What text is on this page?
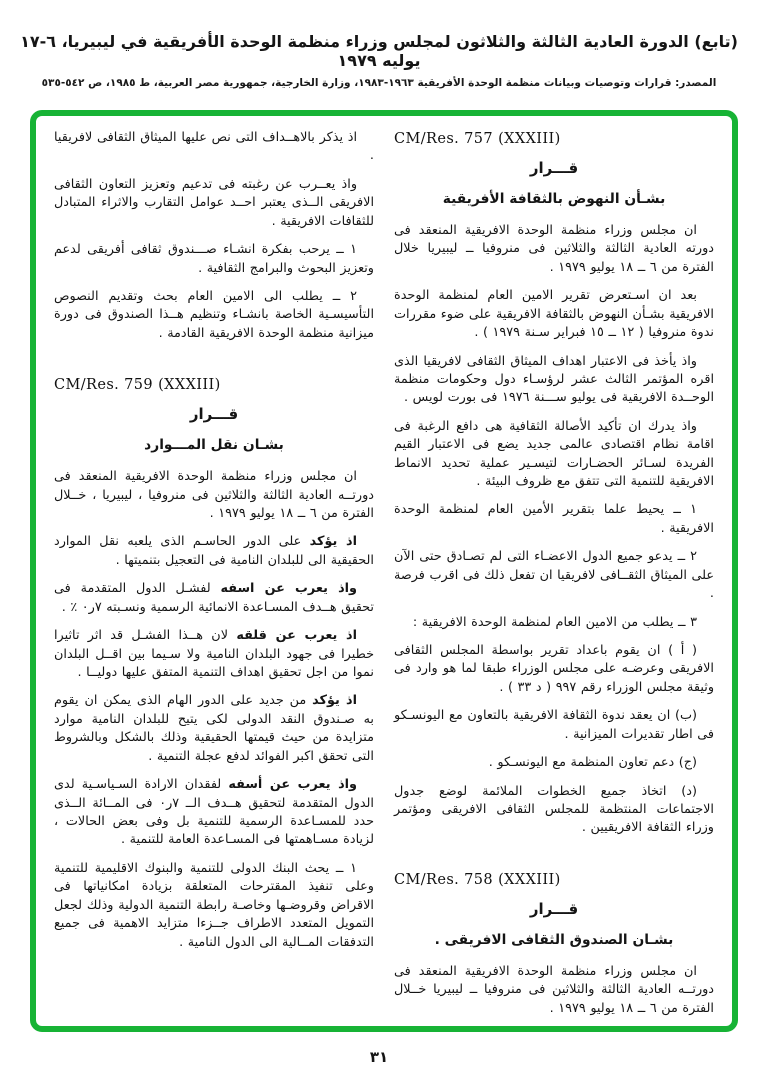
(تابع) الدورة العادية الثالثة والثلاثون لمجلس وزراء منظمة الوحدة الأفريقية في ليبيريا، ٦-١٧ يوليه ١٩٧٩
المصدر: قرارات وتوصيات وبيانات منظمة الوحدة الأفريقية ١٩٦٣-١٩٨٣، وزارة الخارجية، جمهورية مصر العربية، ط ١٩٨٥، ص ٥٤٢-٥٣٥
CM/Res. 757 (XXXIII)
قـــرار
بشـأن النهوض بالثقافة الأفريقية
ان مجلس وزراء منظمة الوحدة الافريقية المنعقد فى دورته العادية الثالثة والثلاثين فى منروفيا ــ ليبيريا خلال الفترة من ٦ ــ ١٨ يوليو ١٩٧٩ .
بعد ان اسـتعرض تقرير الامين العام لمنظمة الوحدة الافريقية بشـأن النهوض بالثقافة الافريقية على ضوء مقررات ندوة منروفيا ( ١٢ ــ ١٥ فبراير سـنة ١٩٧٩ ) .
واذ يأخذ فى الاعتبار اهداف الميثاق الثقافى لافريقيا الذى اقره المؤتمر الثالث عشر لرؤسـاء دول وحكومات منظمة الوحــدة الافريقية فى يوليو ســـنة ١٩٧٦ فى بورت لويس .
واذ يدرك ان تأكيد الأصالة الثقافية هى دافع الرغبة فى اقامة نظام اقتصادى عالمى جديد يضع فى الاعتبار القيم الفريدة لسـائر الحضـارات لتيسـير عملية تحديد الانماط الافريقية للتنمية التى تتفق مع ظروف البيئة .
١ ــ يحيط علما بتقرير الأمين العام لمنظمة الوحدة الافريقية .
٢ ــ يدعو جميع الدول الاعضـاء التى لم تصـادق حتى الآن على الميثاق الثقــافى لافريقيا ان تفعل ذلك فى اقرب فرصة .
٣ ــ يطلب من الامين العام لمنظمة الوحدة الافريقية :
( أ ) ان يقوم باعداد تقرير بواسطة المجلس الثقافى الافريقى وعرضـه على مجلس الوزراء طبقا لما هو وارد فى وثيقة مجلس الوزراء رقم ٩٩٧ ( د ٣٣ ) .
(ب) ان يعقد ندوة الثقافة الافريقية بالتعاون مع اليونسـكو فى اطار تقديرات الميزانية .
(ج) دعم تعاون المنظمة مع اليونسـكو .
(د) اتخاذ جميع الخطوات الملائمة لوضع جدول الاجتماعات المنتظمة للمجلس الثقافى الافريقى ومؤتمر وزراء الثقافة الافريقيين .
CM/Res. 758 (XXXIII)
قـــرار
بشـان الصندوق الثقافى الافريقى .
ان مجلس وزراء منظمة الوحدة الافريقية المنعقد فى دورتــه العادية الثالثة والثلاثين فى منروفيا ــ ليبيريا خــلال الفترة من ٦ ــ ١٨ يوليو ١٩٧٩ .
اذ يذكر بالاهــداف التى نص عليها الميثاق الثقافى لافريقيا .
واذ يعــرب عن رغبته فى تدعيم وتعزيز التعاون الثقافى الافريقى الــذى يعتبر احــد عوامل التقارب والاثراء المتبادل للثقافات الافريقية .
١ ــ يرحب بفكرة انشـاء صـــندوق ثقافى أفريقى لدعم وتعزيز البحوث والبرامج الثقافية .
٢ ــ يطلب الى الامين العام بحث وتقديم النصوص التأسيسـية الخاصة بانشـاء وتنظيم هــذا الصندوق فى دورة ميزانية منظمة الوحدة الافريقية القادمة .
CM/Res. 759 (XXXIII)
قـــرار
بشـان نقل المـــوارد
ان مجلس وزراء منظمة الوحدة الافريقية المنعقد فى دورتــه العادية الثالثة والثلاثين فى منروفيا ، ليبيريا ، خــلال الفترة من ٦ ــ ١٨ يوليو ١٩٧٩ .
اذ يؤكد على الدور الحاسـم الذى يلعبه نقل الموارد الحقيقية الى للبلدان النامية فى التعجيل بتنميتها .
واذ يعرب عن اسفه لفشـل الدول المتقدمة فى تحقيق هــدف المسـاعدة الانمائية الرسمية ونسـبته ٧ر٠ ٪ .
اذ يعرب عن قلقه لان هــذا الفشـل قد اثر تاثيرا خطيرا فى جهود البلدان النامية ولا سـيما بين اقــل البلدان نموا من اجل تحقيق اهداف التنمية المتفق عليها دوليــا .
اذ يؤكد من جديد على الدور الهام الذى يمكن ان يقوم به صـندوق النقد الدولى لكى يتيح للبلدان النامية موارد متزايدة من حيث قيمتها الحقيقية وذلك بالشكل وبالشروط التى تحقق اكبر الفوائد لدفع عجلة التنمية .
واذ يعرب عن أسفه لفقدان الارادة السـياسـية لدى الدول المتقدمة لتحقيق هــدف الــ ٧ر٠ فى المــائة الــذى حدد للمسـاعدة الرسمية للتنمية بل وفى بعض الحالات ، لزيادة مسـاهمتها فى المسـاعدة العامة للتنمية .
١ ــ يحث البنك الدولى للتنمية والبنوك الاقليمية للتنمية وعلى تنفيذ المقترحات المتعلقة بزيادة امكانياتها فى الاقراض وقروضـها وخاصـة رابطة التنمية الدولية وذلك لجعل التمويل المتعدد الاطراف جــزءا متزايد الاهمية فى جميع التدفقات المــالية الى الدول النامية .
٣١
